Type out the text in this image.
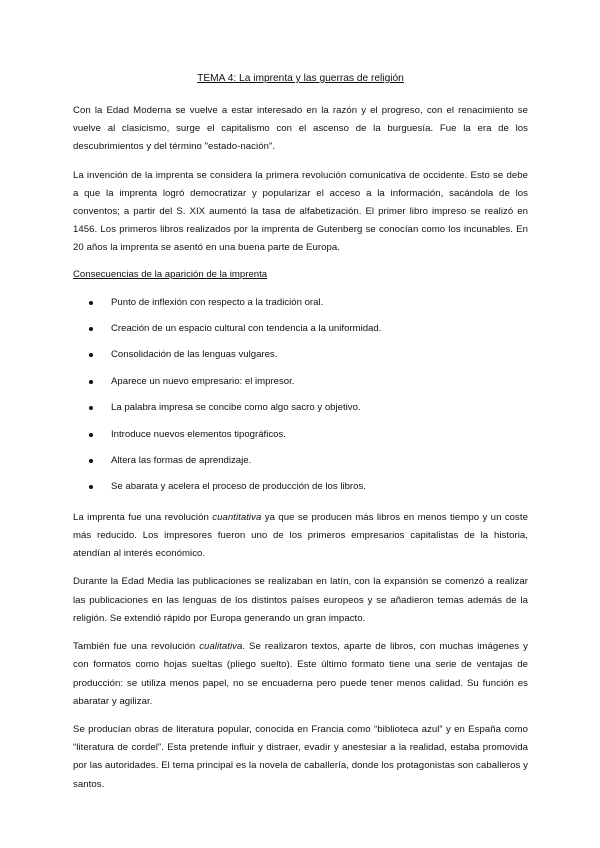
TEMA 4: La imprenta y las guerras de religión

Con la Edad Moderna se vuelve a estar interesado en la razón y el progreso, con el renacimiento se vuelve al clasicismo, surge el capitalismo con el ascenso de la burguesía. Fue la era de los descubrimientos y del término "estado-nación".

La invención de la imprenta se considera la primera revolución comunicativa de occidente. Esto se debe a que la imprenta logró democratizar y popularizar el acceso a la información, sacándola de los conventos; a partir del S. XIX aumentó la tasa de alfabetización. El primer libro impreso se realizó en 1456. Los primeros libros realizados por la imprenta de Gutenberg se conocían como los incunables. En 20 años la imprenta se asentó en una buena parte de Europa.

Consecuencias de la aparición de la imprenta
Punto de inflexión con respecto a la tradición oral.
Creación de un espacio cultural con tendencia a la uniformidad.
Consolidación de las lenguas vulgares.
Aparece un nuevo empresario: el impresor.
La palabra impresa se concibe como algo sacro y objetivo.
Introduce nuevos elementos tipográficos.
Altera las formas de aprendizaje.
Se abarata y acelera el proceso de producción de los libros.

La imprenta fue una revolución cuantitativa ya que se producen más libros en menos tiempo y un coste más reducido. Los impresores fueron uno de los primeros empresarios capitalistas de la historia, atendían al interés económico.

Durante la Edad Media las publicaciones se realizaban en latín, con la expansión se comenzó a realizar las publicaciones en las lenguas de los distintos países europeos y se añadieron temas además de la religión. Se extendió rápido por Europa generando un gran impacto.

También fue una revolución cualitativa. Se realizaron textos, aparte de libros, con muchas imágenes y con formatos como hojas sueltas (pliego suelto). Este último formato tiene una serie de ventajas de producción: se utiliza menos papel, no se encuaderna pero puede tener menos calidad. Su función es abaratar y agilizar.

Se producían obras de literatura popular, conocida en Francia como “biblioteca azul” y en España como “literatura de cordel”. Esta pretende influir y distraer, evadir y anestesiar a la realidad, estaba promovida por las autoridades. El tema principal es la novela de caballería, donde los protagonistas son caballeros y santos.
